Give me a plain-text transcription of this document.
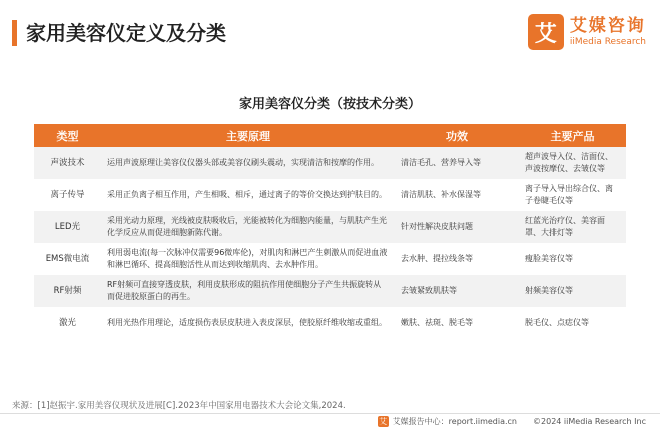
家用美容仪定义及分类	艾 艾媒咨询
iiMedia Research
家用美容仪分类（按技术分类）
类型	主要原理	功效	主要产品
声波技术	运用声波原理让美容仪仪器头部或美容仪刷头震动，实现清洁和按摩的作用。	清洁毛孔、营养导入等	超声波导入仪、洁面仪、声波按摩仪、去皱仪等
离子传导	采用正负离子相互作用，产生相吸、相斥，通过离子的等价交换达到护肤目的。	清洁肌肤、补水保湿等	离子导入导出综合仪、离子卷睫毛仪等
LED光	采用光动力原理，光线被皮肤吸收后，光能被转化为细胞内能量，与肌肤产生光化学反应从而促进细胞新陈代谢。	针对性解决皮肤问题	红蓝光治疗仪、美容面罩、大排灯等
EMS微电流	利用弱电流(每一次脉冲仅需要96微库伦)，对肌肉和淋巴产生刺激从而促进血液和淋巴循环、提高细胞活性从而达到收缩肌肉、去水肿作用。	去水肿、提拉线条等	瘦脸美容仪等
RF射频	RF射频可直接穿透皮肤，利用皮肤形成的阻抗作用使细胞分子产生共振旋转从而促进胶原蛋白的再生。	去皱紧致肌肤等	射频美容仪等
激光	利用光热作用理论，适度损伤表层皮肤进入表皮深层，使胶原纤维收缩或重组。	嫩肤、祛斑、脱毛等	脱毛仪、点痣仪等
来源：[1]赵振宇.家用美容仪现状及进展[C].2023年中国家用电器技术大会论文集,2024.
艾 艾媒报告中心：report.iimedia.cn ©2024 iiMedia Research Inc
